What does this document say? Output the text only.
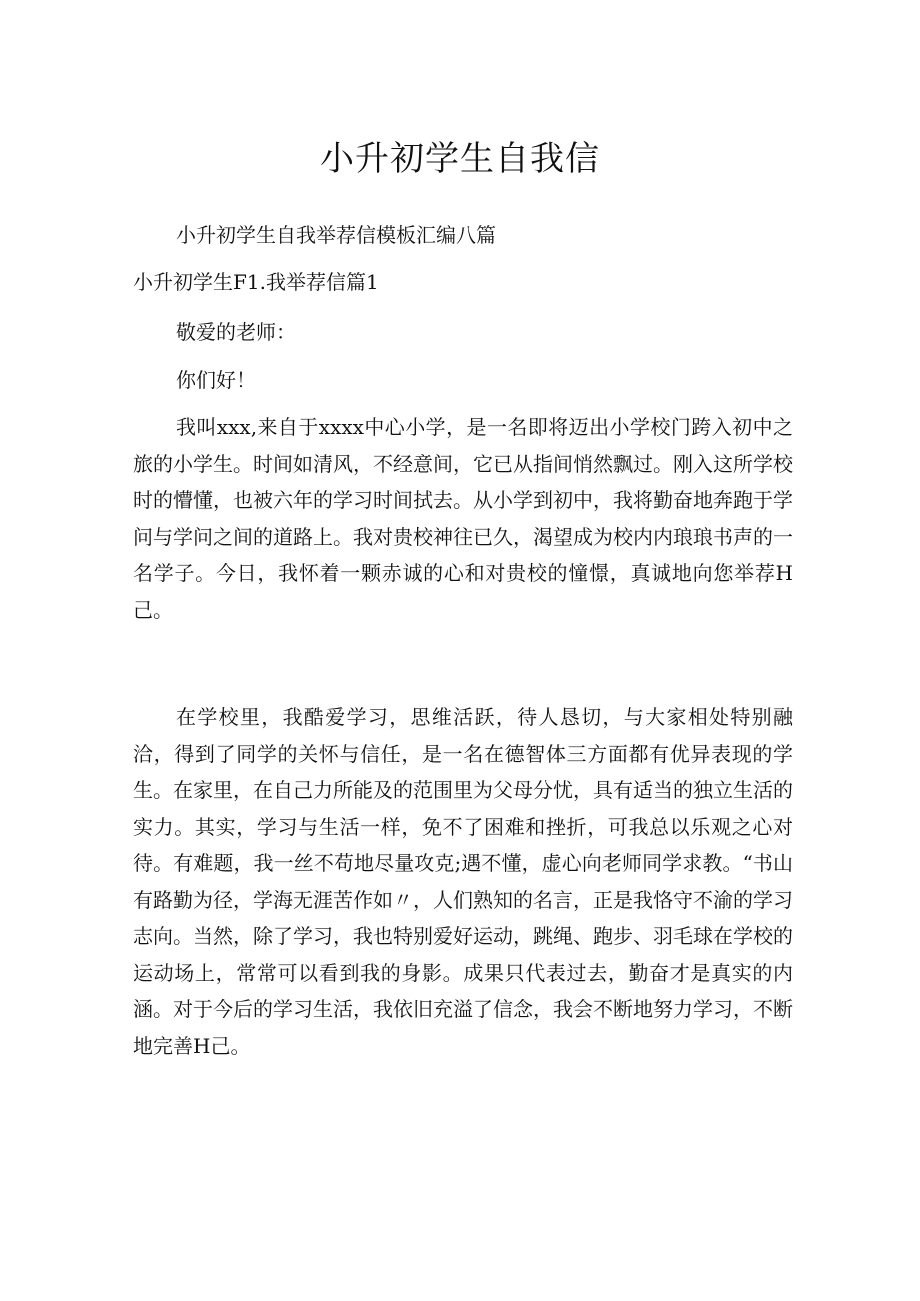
小升初学生自我信

小升初学生自我举荐信模板汇编八篇

小升初学生F1.我举荐信篇1

敬爱的老师：

你们好！

我叫xxx,来自于xxxx中心小学，是一名即将迈出小学校门跨入初中之旅的小学生。时间如清风，不经意间，它已从指间悄然飘过。刚入这所学校时的懵懂，也被六年的学习时间拭去。从小学到初中，我将勤奋地奔跑于学问与学问之间的道路上。我对贵校神往已久，渴望成为校内内琅琅书声的一名学子。今日，我怀着一颗赤诚的心和对贵校的憧憬，真诚地向您举荐H己。

在学校里，我酷爱学习，思维活跃，待人恳切，与大家相处特别融洽，得到了同学的关怀与信任，是一名在德智体三方面都有优异表现的学生。在家里，在自己力所能及的范围里为父母分忧，具有适当的独立生活的实力。其实，学习与生活一样，免不了困难和挫折，可我总以乐观之心对待。有难题，我一丝不苟地尽量攻克;遇不懂，虚心向老师同学求教。“书山有路勤为径，学海无涯苦作如〃，人们熟知的名言，正是我恪守不渝的学习志向。当然，除了学习，我也特别爱好运动，跳绳、跑步、羽毛球在学校的运动场上，常常可以看到我的身影。成果只代表过去，勤奋才是真实的内涵。对于今后的学习生活，我依旧充溢了信念，我会不断地努力学习，不断地完善H己。
